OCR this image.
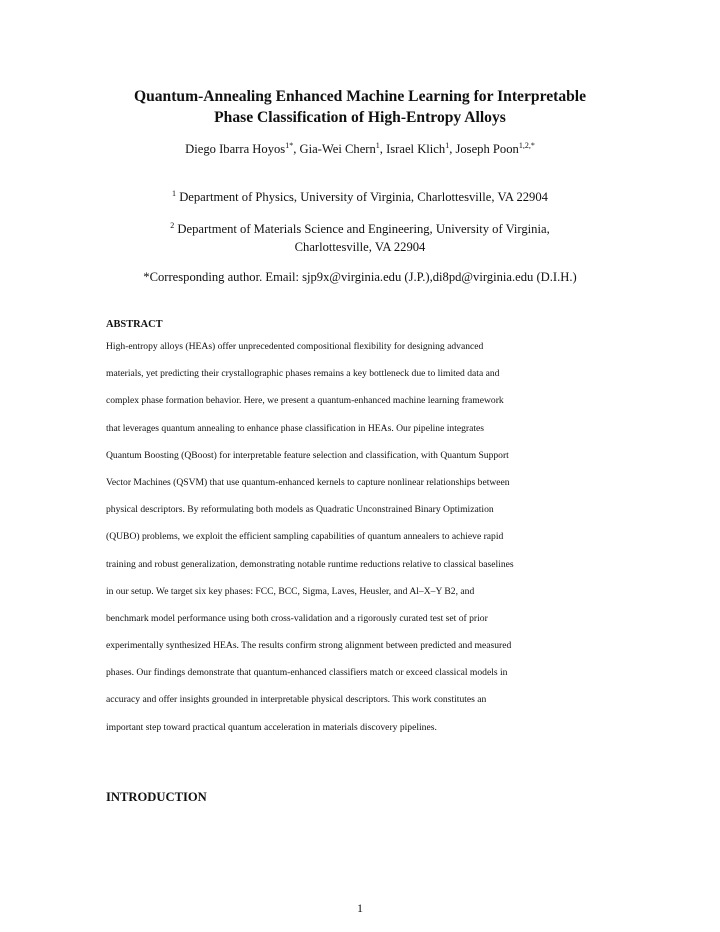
Quantum-Annealing Enhanced Machine Learning for Interpretable
Phase Classification of High-Entropy Alloys
Diego Ibarra Hoyos$^{1*}$, Gia-Wei Chern$^1$, Israel Klich$^1$, Joseph Poon$^{1,2,*}$
$^1$ Department of Physics, University of Virginia, Charlottesville, VA 22904
$^2$ Department of Materials Science and Engineering, University of Virginia,
Charlottesville, VA 22904
*Corresponding author. Email: sjp9x@virginia.edu (J.P.),di8pd@virginia.edu (D.I.H.)
ABSTRACT
High-entropy alloys (HEAs) offer unprecedented compositional flexibility for designing advanced
materials, yet predicting their crystallographic phases remains a key bottleneck due to limited data and
complex phase formation behavior. Here, we present a quantum-enhanced machine learning framework
that leverages quantum annealing to enhance phase classification in HEAs. Our pipeline integrates
Quantum Boosting (QBoost) for interpretable feature selection and classification, with Quantum Support
Vector Machines (QSVM) that use quantum-enhanced kernels to capture nonlinear relationships between
physical descriptors. By reformulating both models as Quadratic Unconstrained Binary Optimization
(QUBO) problems, we exploit the efficient sampling capabilities of quantum annealers to achieve rapid
training and robust generalization, demonstrating notable runtime reductions relative to classical baselines
in our setup. We target six key phases: FCC, BCC, Sigma, Laves, Heusler, and Al–X–Y B2, and
benchmark model performance using both cross-validation and a rigorously curated test set of prior
experimentally synthesized HEAs. The results confirm strong alignment between predicted and measured
phases. Our findings demonstrate that quantum-enhanced classifiers match or exceed classical models in
accuracy and offer insights grounded in interpretable physical descriptors. This work constitutes an
important step toward practical quantum acceleration in materials discovery pipelines.
INTRODUCTION
1
